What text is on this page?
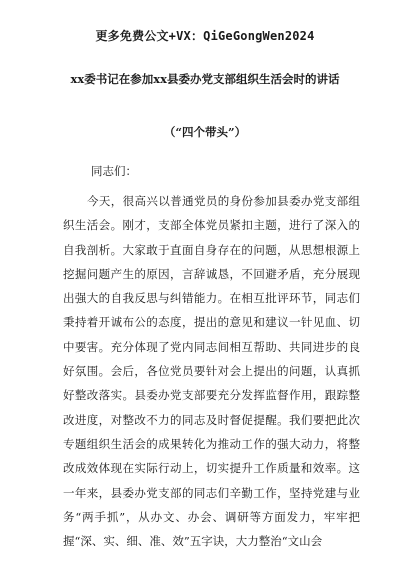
更多免费公文+VX：QiGeGongWen2024
xx委书记在参加xx县委办党支部组织生活会时的讲话
（“四个带头”）
同志们：

今天，很高兴以普通党员的身份参加县委办党支部组织生活会。刚才，支部全体党员紧扣主题，进行了深入的自我剖析。大家敢于直面自身存在的问题，从思想根源上挖掘问题产生的原因，言辞诚恳，不回避矛盾，充分展现出强大的自我反思与纠错能力。在相互批评环节，同志们秉持着开诚布公的态度，提出的意见和建议一针见血、切中要害。充分体现了党内同志间相互帮助、共同进步的良好氛围。会后，各位党员要针对会上提出的问题，认真抓好整改落实。县委办党支部要充分发挥监督作用，跟踪整改进度，对整改不力的同志及时督促提醒。我们要把此次专题组织生活会的成果转化为推动工作的强大动力，将整改成效体现在实际行动上，切实提升工作质量和效率。这一年来，县委办党支部的同志们辛勤工作，坚持党建与业务“两手抓”，从办文、办会、调研等方面发力，牢牢把握“深、实、细、准、效”五字诀，大力整治“文山会
